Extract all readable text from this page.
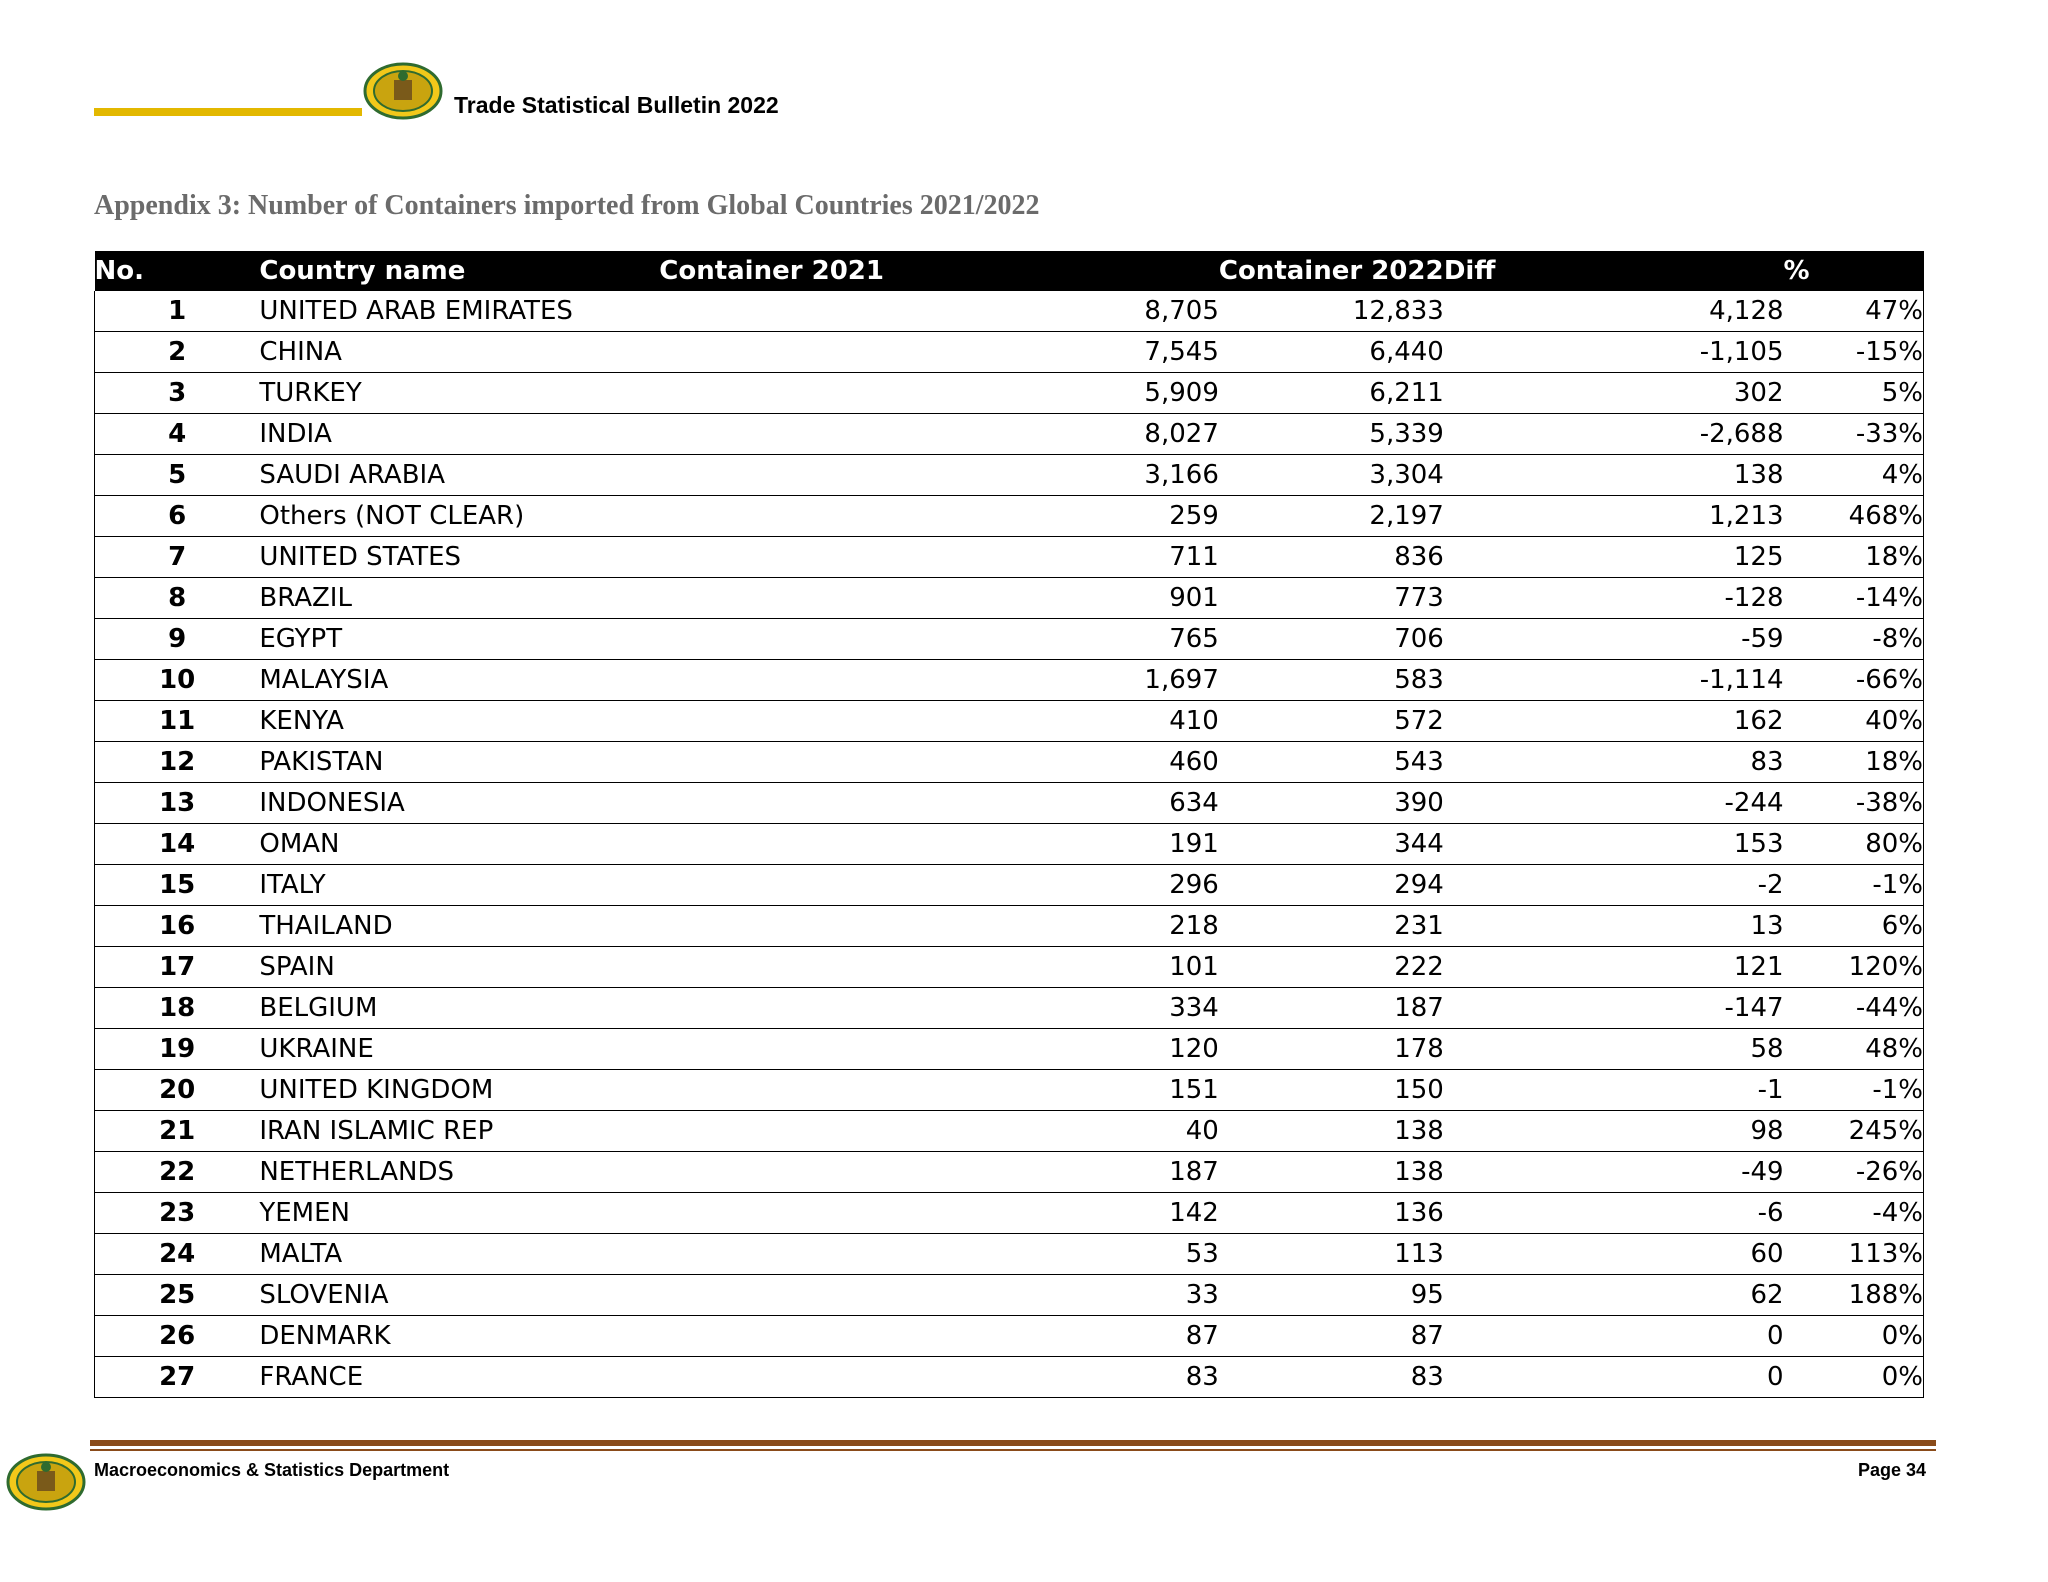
Trade Statistical Bulletin 2022
Appendix 3: Number of Containers imported from Global Countries 2021/2022
No.	Country name	Container 2021	Container 2022	Diff	%
1	UNITED ARAB EMIRATES	8,705	12,833	4,128	47%
2	CHINA	7,545	6,440	-1,105	-15%
3	TURKEY	5,909	6,211	302	5%
4	INDIA	8,027	5,339	-2,688	-33%
5	SAUDI ARABIA	3,166	3,304	138	4%
6	Others (NOT CLEAR)	259	2,197	1,213	468%
7	UNITED STATES	711	836	125	18%
8	BRAZIL	901	773	-128	-14%
9	EGYPT	765	706	-59	-8%
10	MALAYSIA	1,697	583	-1,114	-66%
11	KENYA	410	572	162	40%
12	PAKISTAN	460	543	83	18%
13	INDONESIA	634	390	-244	-38%
14	OMAN	191	344	153	80%
15	ITALY	296	294	-2	-1%
16	THAILAND	218	231	13	6%
17	SPAIN	101	222	121	120%
18	BELGIUM	334	187	-147	-44%
19	UKRAINE	120	178	58	48%
20	UNITED KINGDOM	151	150	-1	-1%
21	IRAN ISLAMIC REP	40	138	98	245%
22	NETHERLANDS	187	138	-49	-26%
23	YEMEN	142	136	-6	-4%
24	MALTA	53	113	60	113%
25	SLOVENIA	33	95	62	188%
26	DENMARK	87	87	0	0%
27	FRANCE	83	83	0	0%
Macroeconomics & Statistics Department	Page 34
